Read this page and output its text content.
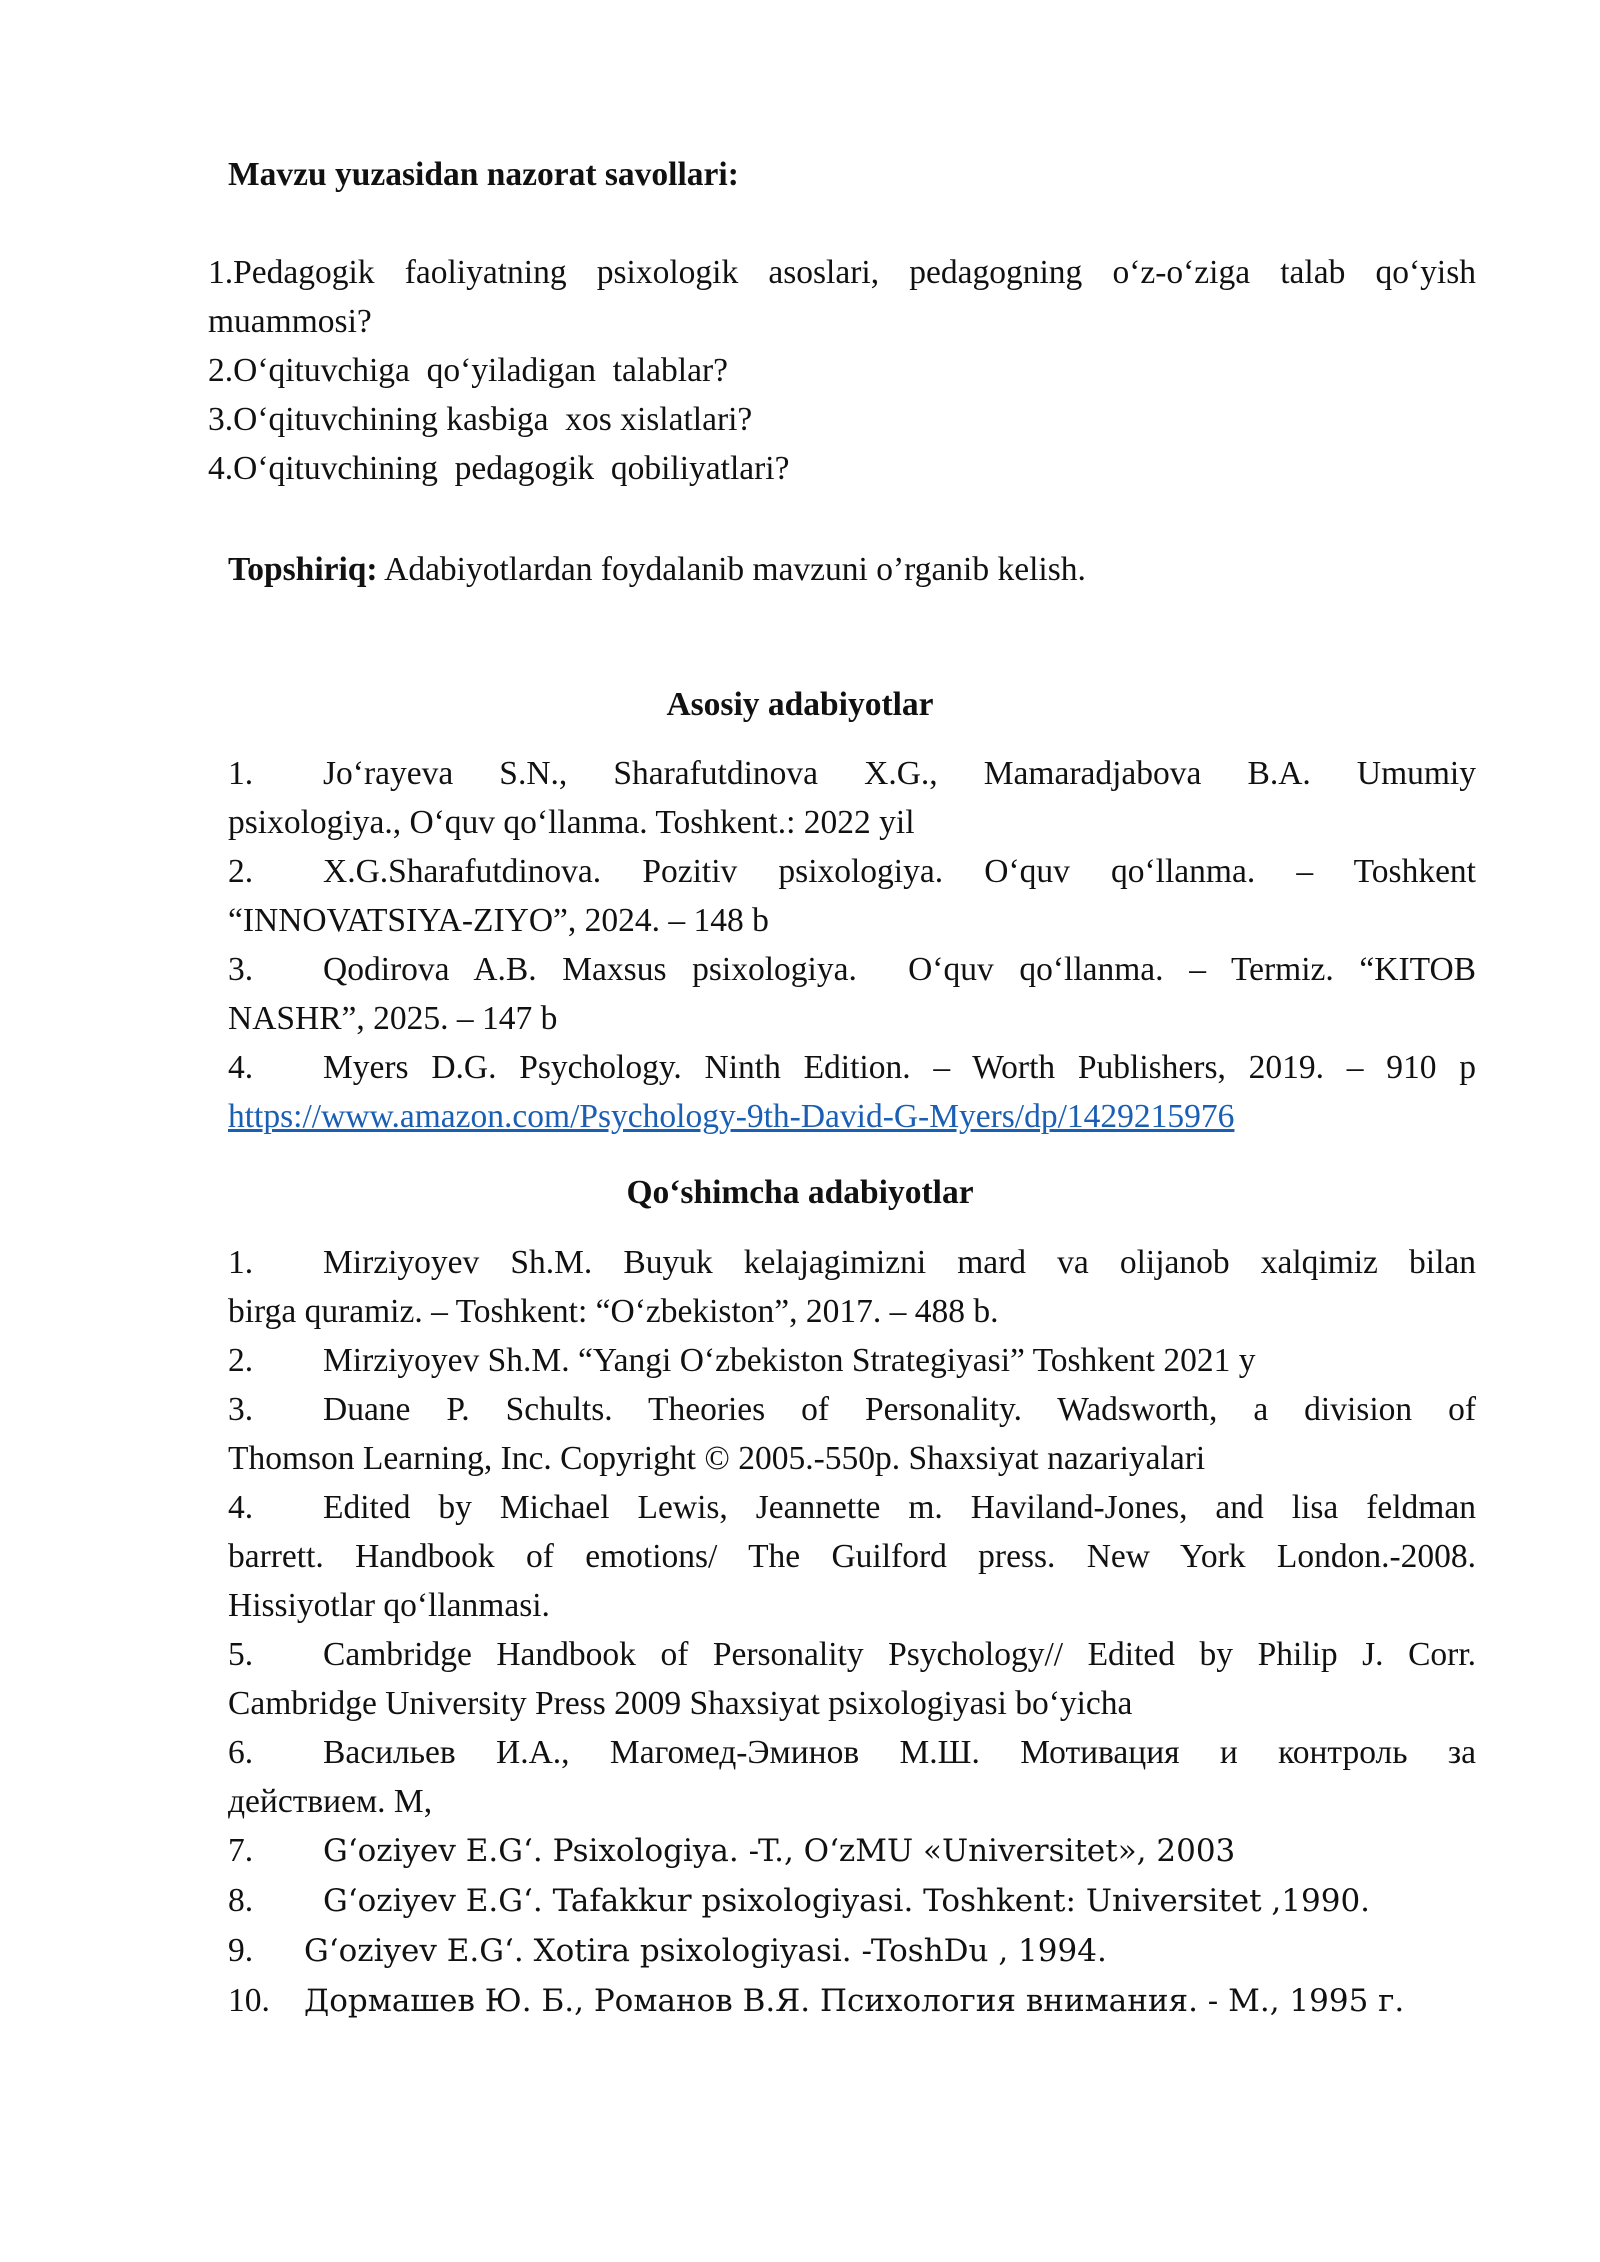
Mavzu yuzasidan nazorat savollari:
1.Pedagogik faoliyatning psixologik asoslari, pedagogning o‘z-o‘ziga talab qo‘yish
muammosi?
2.O‘qituvchiga  qo‘yiladigan  talablar?
3.O‘qituvchining kasbiga  xos xislatlari?
4.O‘qituvchining  pedagogik  qobiliyatlari?
Topshiriq: Adabiyotlardan foydalanib mavzuni o’rganib kelish.
Asosiy adabiyotlar
1. Jo‘rayeva S.N., Sharafutdinova X.G., Mamaradjabova B.A. Umumiy
psixologiya., O‘quv qo‘llanma. Toshkent.: 2022 yil
2. X.G.Sharafutdinova. Pozitiv psixologiya. O‘quv qo‘llanma. – Toshkent
“INNOVATSIYA-ZIYO”, 2024. – 148 b
3. Qodirova A.B. Maxsus psixologiya.  O‘quv qo‘llanma. – Termiz. “KITOB
NASHR”, 2025. – 147 b
4. Myers D.G. Psychology. Ninth Edition. – Worth Publishers, 2019. – 910 p
https://www.amazon.com/Psychology-9th-David-G-Myers/dp/1429215976
Qo‘shimcha adabiyotlar
1. Mirziyoyev Sh.M. Buyuk kelajagimizni mard va olijanob xalqimiz bilan
birga quramiz. – Toshkent: “O‘zbekiston”, 2017. – 488 b.
2. Mirziyoyev Sh.M. “Yangi O‘zbekiston Strategiyasi” Toshkent 2021 y
3. Duane P. Schults. Theories of Personality. Wadsworth, a division of
Thomson Learning, Inc. Copyright © 2005.-550p. Shaxsiyat nazariyalari
4. Edited by Michael Lewis, Jeannette m. Haviland-Jones, and lisa feldman
barrett. Handbook of emotions/ The Guilford press. New York London.-2008.
Hissiyotlar qo‘llanmasi.
5. Cambridge Handbook of Personality Psychology// Edited by Philip J. Corr.
Cambridge University Press 2009 Shaxsiyat psixologiyasi bo‘yicha
6. Васильев И.А., Магомед-Эминов М.Ш. Мотивация и контроль за
действием. М,
7. G‘oziyev E.G‘. Psixologiya. -T., O‘zMU «Universitet», 2003
8. G‘oziyev E.G‘. Tafakkur psixologiyasi. Toshkent: Universitet ,1990.
9. G‘oziyev E.G‘. Xotira psixologiyasi. -ToshDu , 1994.
10. Дормашев Ю. Б., Романов В.Я. Психология внимания. - М., 1995 г.
